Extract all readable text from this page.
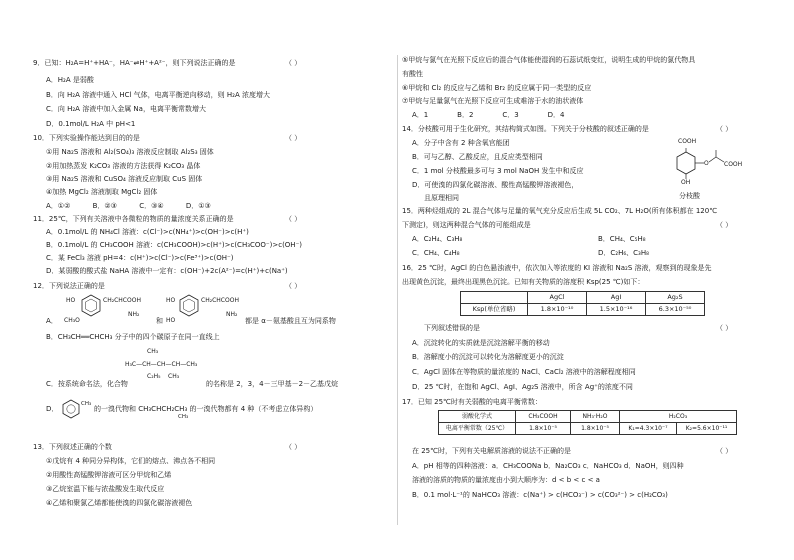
9．已知：H₂A=H⁺+HA⁻，HA⁻⇌H⁺+A²⁻，则下列说法正确的是	（ ）
A．H₂A 是弱酸
B．向 H₂A 溶液中通入 HCl 气体，电离平衡逆向移动，则 H₂A 浓度增大
C．向 H₂A 溶液中加入金属 Na，电离平衡常数增大
D．0.1mol/L H₂A 中 pH<1
10．下列实验操作能达到目的的是	（ ）
①用 Na₂S 溶液和 Al₂(SO₄)₃ 溶液反应制取 Al₂S₃ 固体
②用加热蒸发 K₂CO₃ 溶液的方法获得 K₂CO₃ 晶体
③用 Na₂S 溶液和 CuSO₄ 溶液反应制取 CuS 固体
④加热 MgCl₂ 溶液制取 MgCl₂ 固体
A．①②          B．②③          C．③④          D．①③
11．25℃，下列有关溶液中各微粒的物质的量浓度关系正确的是	（ ）
A．0.1mol/L 的 NH₄Cl 溶液：c(Cl⁻)>c(NH₄⁺)>c(OH⁻)>c(H⁺)
B．0.1mol/L 的 CH₃COOH 溶液：c(CH₃COOH)>c(H⁺)>c(CH₃COO⁻)>c(OH⁻)
C．某 FeCl₃ 溶液 pH=4：c(H⁺)>c(Cl⁻)>c(Fe³⁺)>c(OH⁻)
D．某弱酸的酸式盐 NaHA 溶液中一定有：c(OH⁻)+2c(A²⁻)=c(H⁺)+c(Na⁺)
12．下列说法正确的是	（ ）
A．
HO	CH₂CHCOOH
CH₃O
NH₂
和
HO	CH₂CHCOOH
HO
NH₂
都是 α－氨基酸且互为同系物
B．CH₃CH══CHCH₃ 分子中的四个碳原子在同一直线上
CH₃
H₃C—CH—CH—CH—CH₃
C₂H₅ CH₃
C．按系统命名法，化合物	的名称是 2，3，4－三甲基－2－乙基戊烷
D．
CH₃
的一溴代物和 CH₃CHCH₂CH₃ 的一溴代物都有 4 种（不考虑立体异构）
CH₃
13．下列叙述正确的个数	（ ）
①戊烷有 4 种同分异构体，它们的熔点、沸点各不相同
②用酸性高锰酸钾溶液可区分甲烷和乙烯
③乙烷室温下能与浓盐酸发生取代反应
④乙烯和聚氯乙烯都能使溴的四氯化碳溶液褪色
⑤甲烷与氯气在光照下反应后的混合气体能使湿润的石蕊试纸变红，说明生成的甲烷的氯代物具
有酸性
⑥甲烷和 Cl₂ 的反应与乙烯和 Br₂ 的反应属于同一类型的反应
⑦甲烷与足量氯气在光照下反应可生成难溶于水的油状液体
A．1             B．2             C．3             D．4
14．分枝酸可用于生化研究，其结构简式如图。下列关于分枝酸的叙述正确的是	（ ）
A．分子中含有 2 种含氧官能团
B．可与乙醇、乙酸反应，且反应类型相同
C．1 mol 分枝酸最多可与 3 mol NaOH 发生中和反应
D．可使溴的四氯化碳溶液、酸性高锰酸钾溶液褪色，
且原理相同
COOH
O	COOH
OH
分枝酸
15．两种烃组成的 2L 混合气体与足量的氧气充分反应后生成 5L CO₂、7L H₂O(所有体积都在 120℃
下测定)，则这两种混合气体的可能组成是	（ ）
A．C₂H₄、C₃H₈	B．CH₄、C₅H₈
C．CH₄、C₄H₈	D．C₂H₆、C₃H₈
16．25 ℃时，AgCl 的白色悬浊液中，依次加入等浓度的 KI 溶液和 Na₂S 溶液，观察到的现象是先
出现黄色沉淀，最终出现黑色沉淀。已知有关物质的溶度积 Ksp(25 ℃)如下：
	AgCl	AgI	Ag₂S
Ksp(单位省略)	1.8×10⁻¹⁰	1.5×10⁻¹⁶	6.3×10⁻⁵⁰
下列叙述错误的是	（ ）
A．沉淀转化的实质就是沉淀溶解平衡的移动
B．溶解度小的沉淀可以转化为溶解度更小的沉淀
C．AgCl 固体在等物质的量浓度的 NaCl、CaCl₂ 溶液中的溶解程度相同
D．25 ℃时，在饱和 AgCl、AgI、Ag₂S 溶液中，所含 Ag⁺的浓度不同
17．已知 25℃时有关弱酸的电离平衡常数：
弱酸化学式	CH₃COOH	NH₃·H₂O	H₂CO₃	
电离平衡常数（25℃）	1.8×10⁻⁵	1.8×10⁻⁵	K₁=4.3×10⁻⁷	K₂=5.6×10⁻¹¹
在 25℃时，下列有关电解质溶液的说法不正确的是	（ ）
A．pH 相等的四种溶液：a．CH₃COONa b．Na₂CO₃ c．NaHCO₃ d．NaOH，则四种
溶液的溶质的物质的量浓度由小到大顺序为：d < b < c < a
B．0.1 mol·L⁻¹的 NaHCO₃ 溶液：c(Na⁺) > c(HCO₃⁻) > c(CO₃²⁻) > c(H₂CO₃)
